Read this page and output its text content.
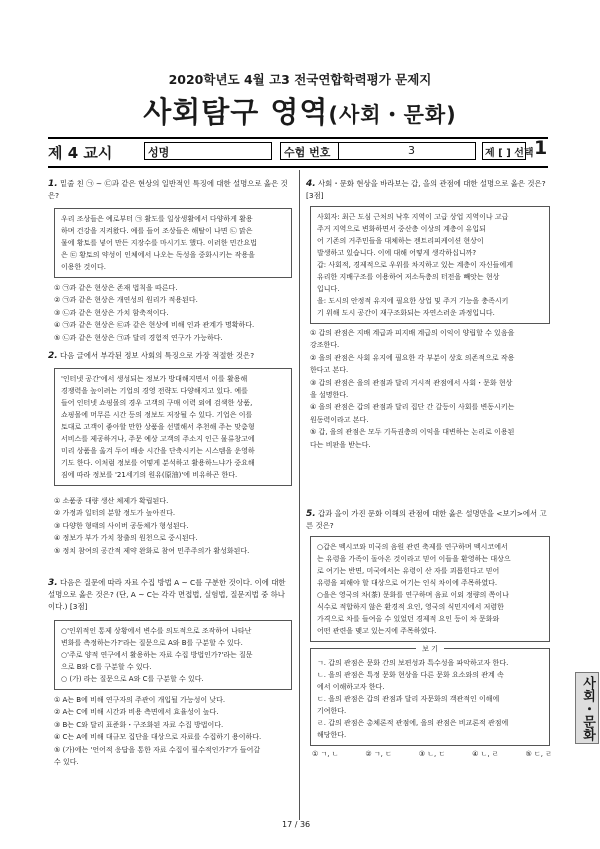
2020학년도 4월 고3 전국연합학력평가 문제지
사회탐구 영역(사회・문화)
제 4 교시	성명	수험 번호	3	제 [ ] 선택 1
1. 밑줄 친 ㉠ ~ ㉢과 같은 현상의 일반적인 특징에 대한 설명으로 옳은 것은?
우리 조상들은 예로부터 ㉠ 활도를 일상생활에서 다양하게 활용
하며 건강을 지켜왔다. 예를 들어 조상들은 해탈이 나면 ㉡ 맑은
물에 황토를 넣어 만든 지장수를 마시기도 했다. 이러한 민간요법
은 ㉢ 황토의 약성이 인체에서 나오는 독성을 중화시키는 작용을
이용한 것이다.
① ㉠과 같은 현상은 존재 법칙을 따른다.
② ㉠과 같은 현상은 개연성의 원리가 적용된다.
③ ㉡과 같은 현상은 가치 함축적이다.
④ ㉠과 같은 현상은 ㉢과 같은 현상에 비해 인과 관계가 명확하다.
⑤ ㉡과 같은 현상은 ㉠과 달리 경험적 연구가 가능하다.
2. 다음 글에서 부각된 정보 사회의 특징으로 가장 적절한 것은?
'인터넷 공간'에서 생성되는 정보가 방대해지면서 이를 활용해
경쟁력을 높이려는 기업의 경영 전략도 다양해지고 있다. 예를
들어 인터넷 쇼핑몰의 경우 고객의 구매 이력 외에 검색한 상품,
쇼핑몰에 머무른 시간 등의 정보도 저장될 수 있다. 기업은 이를
토대로 고객이 좋아할 만한 상품을 선별해서 추천해 주는 맞춤형
서비스를 제공하거나, 주문 예상 고객의 주소지 인근 물류창고에
미리 상품을 옮겨 두어 배송 시간을 단축시키는 시스템을 운영하
기도 한다. 이처럼 정보를 어떻게 분석하고 활용하느냐가 중요해
짐에 따라 정보를 '21세기의 원유(原油)'에 비유하곤 한다.
① 소품종 대량 생산 체제가 확립된다.
② 가정과 일터의 분할 정도가 높아진다.
③ 다양한 형태의 사이버 공동체가 형성된다.
④ 정보가 부가 가치 창출의 원천으로 중시된다.
⑤ 정치 참여의 공간적 제약 완화로 참여 민주주의가 활성화된다.
3. 다음은 질문에 따라 자료 수집 방법 A ~ C를 구분한 것이다. 이에 대한 설명으로 옳은 것은? (단, A ~ C는 각각 면접법, 실험법, 질문지법 중 하나이다.) [3점]
○'인위적인 통제 상황에서 변수를 의도적으로 조작하여 나타난
변화를 측정하는가?'라는 질문으로 A와 B를 구분할 수 있다.
○'주로 양적 연구에서 활용하는 자료 수집 방법인가?'라는 질문
으로 B와 C를 구분할 수 있다.
○ (가) 라는 질문으로 A와 C를 구분할 수 있다.
① A는 B에 비해 연구자의 주관이 개입될 가능성이 낮다.
② A는 C에 비해 시간과 비용 측면에서 효율성이 높다.
③ B는 C와 달리 표준화・구조화된 자료 수집 방법이다.
④ C는 A에 비해 대규모 집단을 대상으로 자료를 수집하기 용이하다.
⑤ (가)에는 '언어적 응답을 통한 자료 수집이 필수적인가?'가 들어갈
수 있다.
4. 사회・문화 현상을 바라보는 갑, 을의 관점에 대한 설명으로 옳은 것은? [3점]
사회자: 최근 도심 근처의 낙후 지역이 고급 상업 지역이나 고급
주거 지역으로 변화하면서 중산층 이상의 계층이 유입되
어 기존의 거주민들을 대체하는 젠트리피케이션 현상이
발생하고 있습니다. 이에 대해 어떻게 생각하십니까?
갑: 사회적, 경제적으로 우위를 차지하고 있는 계층이 자신들에게
유리한 지배구조를 이용하여 저소득층의 터전을 빼앗는 현상
입니다.
을: 도시의 안정적 유지에 필요한 상업 및 주거 기능을 충족시키
기 위해 도시 공간이 재구조화되는 자연스러운 과정입니다.
① 갑의 관점은 지배 계급과 피지배 계급의 이익이 양립할 수 있음을
강조한다.
② 을의 관점은 사회 유지에 필요한 각 부분이 상호 의존적으로 작용
한다고 본다.
③ 갑의 관점은 을의 관점과 달리 거시적 관점에서 사회・문화 현상
을 설명한다.
④ 을의 관점은 갑의 관점과 달리 집단 간 갈등이 사회를 변동시키는
원동력이라고 본다.
⑤ 갑, 을의 관점은 모두 기득권층의 이익을 대변하는 논리로 이용된
다는 비판을 받는다.
5. 갑과 을이 가진 문화 이해의 관점에 대한 옳은 설명만을 <보기>에서 고른 것은?
○갑은 멕시코와 미국의 음원 관련 축제를 연구하며 멕시코에서
는 유령을 가족이 돌아온 것이라고 믿어 이들을 환영하는 대상으
로 여기는 반면, 미국에서는 유령이 산 자를 괴롭힌다고 믿어
유령을 피해야 할 대상으로 여기는 인식 차이에 주목하였다.
○을은 영국의 차(茶) 문화를 연구하며 음료 이외 정량의 쪽이나
식수로 적합하지 않은 환경적 요인, 영국의 식민지에서 저렴한
가격으로 차를 들여올 수 있었던 경제적 요인 등이 차 문화와
어떤 관련을 맺고 있는지에 주목하였다.
보 기
ㄱ. 갑의 관점은 문화 간의 보편성과 특수성을 파악하고자 한다.
ㄴ. 을의 관점은 특정 문화 현상을 다른 문화 요소와의 관계 속
에서 이해하고자 한다.
ㄷ. 을의 관점은 갑의 관점과 달리 자문화의 객관적인 이해에
기여한다.
ㄹ. 갑의 관점은 총체론적 관점에, 을의 관점은 비교론적 관점에
해당한다.
① ㄱ, ㄴ	② ㄱ, ㄷ	③ ㄴ, ㄷ	④ ㄴ, ㄹ	⑤ ㄷ, ㄹ
사회・문화
17 / 36
